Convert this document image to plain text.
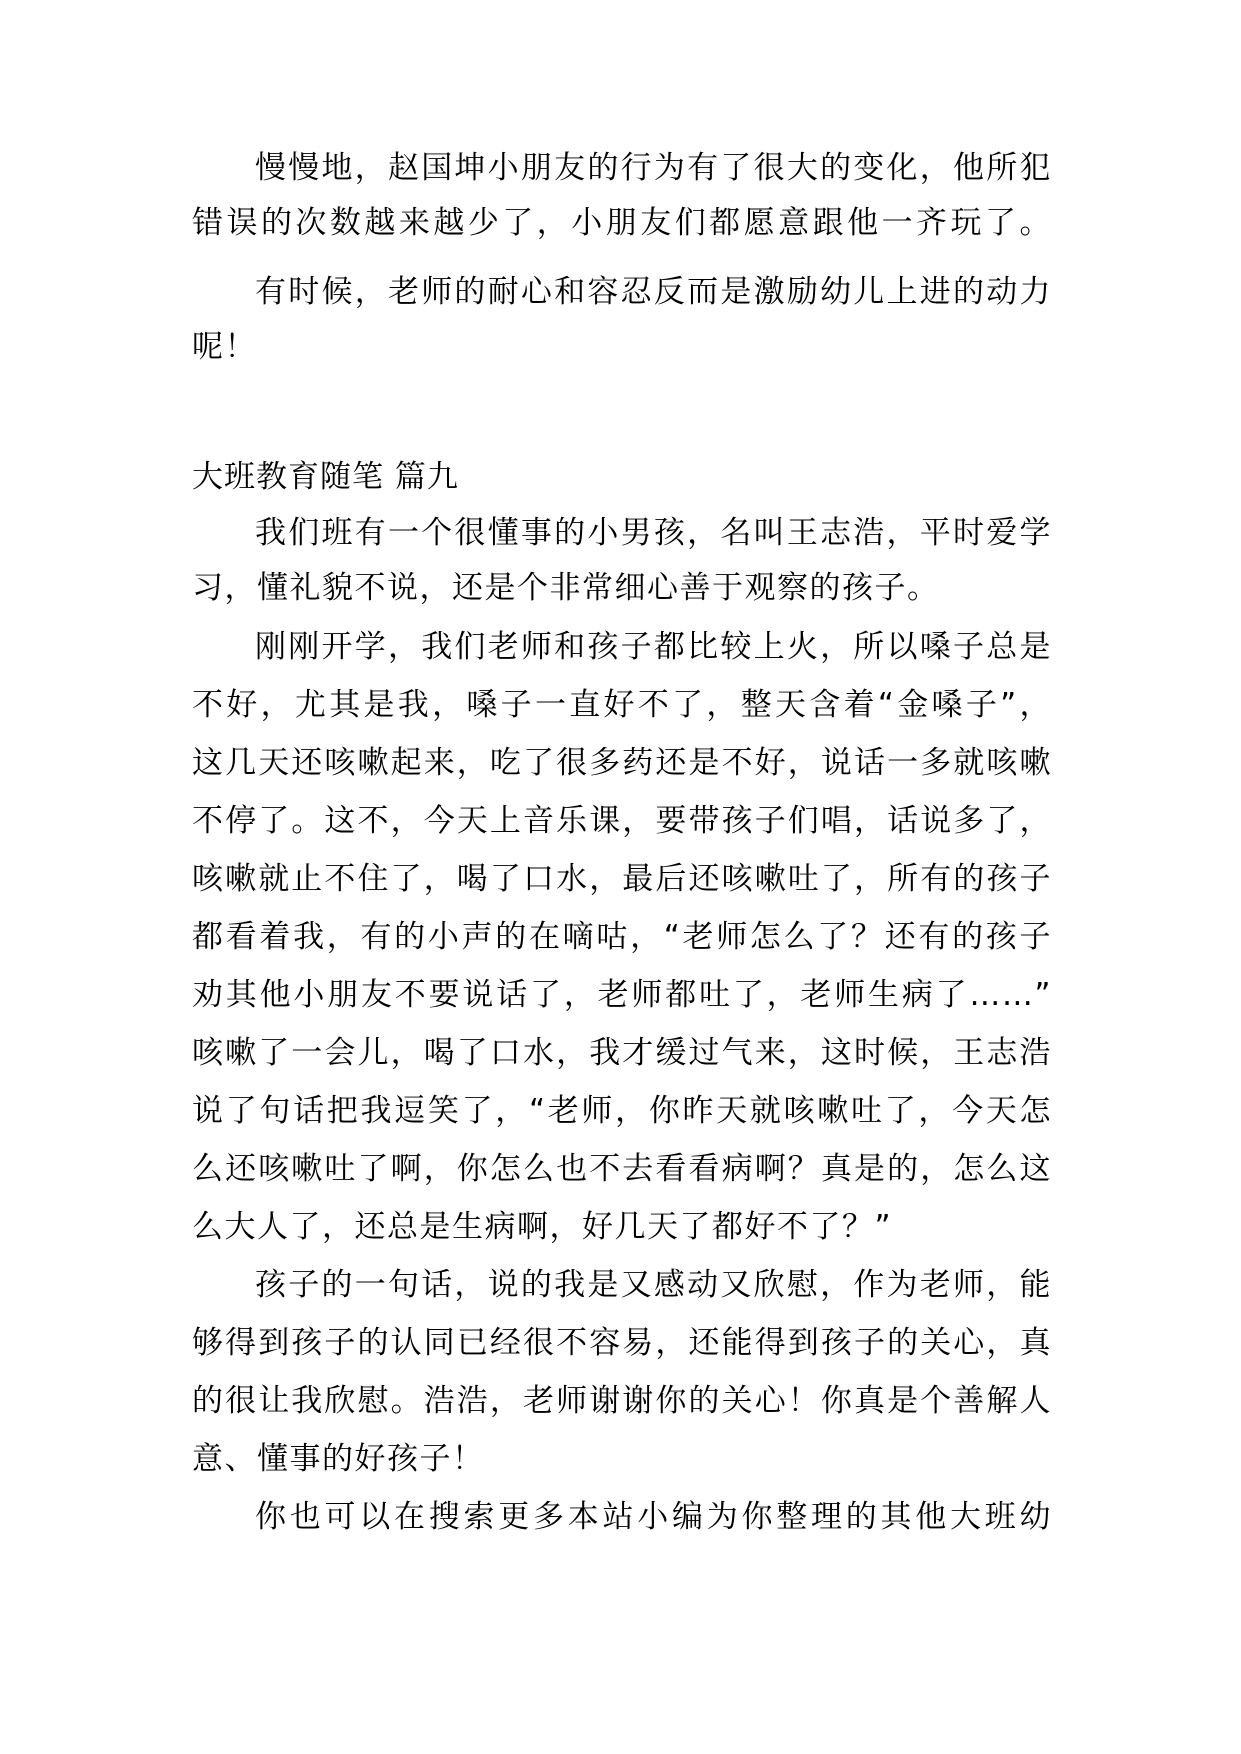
慢慢地，赵国坤小朋友的行为有了很大的变化，他所犯
错误的次数越来越少了，小朋友们都愿意跟他一齐玩了。
有时候，老师的耐心和容忍反而是激励幼儿上进的动力
呢！
大班教育随笔 篇九
我们班有一个很懂事的小男孩，名叫王志浩，平时爱学
习，懂礼貌不说，还是个非常细心善于观察的孩子。
刚刚开学，我们老师和孩子都比较上火，所以嗓子总是
不好，尤其是我，嗓子一直好不了，整天含着“金嗓子”，
这几天还咳嗽起来，吃了很多药还是不好，说话一多就咳嗽
不停了。这不，今天上音乐课，要带孩子们唱，话说多了，
咳嗽就止不住了，喝了口水，最后还咳嗽吐了，所有的孩子
都看着我，有的小声的在嘀咕，“老师怎么了？还有的孩子
劝其他小朋友不要说话了，老师都吐了，老师生病了……”
咳嗽了一会儿，喝了口水，我才缓过气来，这时候，王志浩
说了句话把我逗笑了，“老师，你昨天就咳嗽吐了，今天怎
么还咳嗽吐了啊，你怎么也不去看看病啊？真是的，怎么这
么大人了，还总是生病啊，好几天了都好不了？”
孩子的一句话，说的我是又感动又欣慰，作为老师，能
够得到孩子的认同已经很不容易，还能得到孩子的关心，真
的很让我欣慰。浩浩，老师谢谢你的关心！你真是个善解人
意、懂事的好孩子！
你也可以在搜索更多本站小编为你整理的其他大班幼
